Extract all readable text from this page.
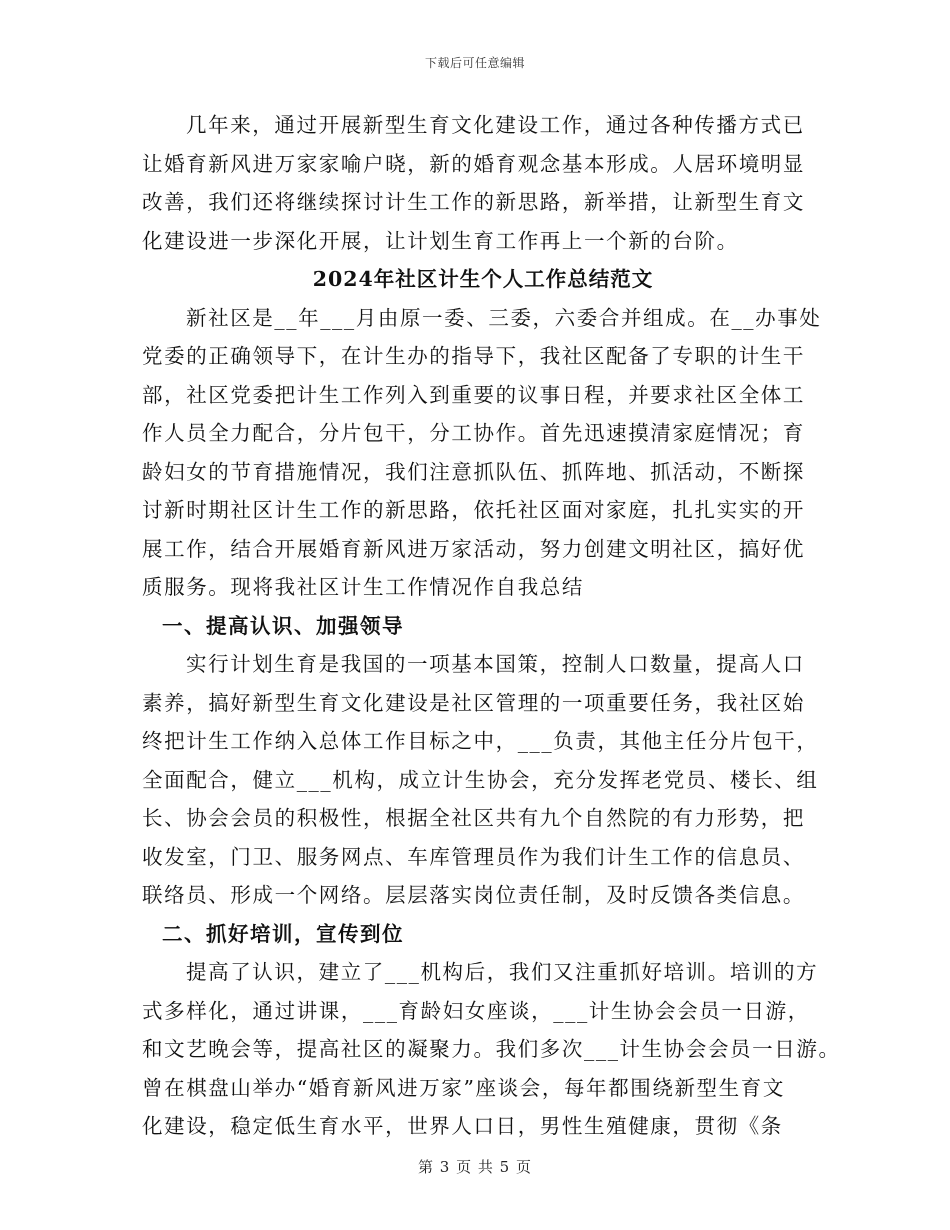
下载后可任意编辑
几年来，通过开展新型生育文化建设工作，通过各种传播方式已
让婚育新风进万家家喻户晓，新的婚育观念基本形成。人居环境明显
改善，我们还将继续探讨计生工作的新思路，新举措，让新型生育文
化建设进一步深化开展，让计划生育工作再上一个新的台阶。
2024年社区计生个人工作总结范文
新社区是__年___月由原一委、三委，六委合并组成。在__办事处
党委的正确领导下，在计生办的指导下，我社区配备了专职的计生干
部，社区党委把计生工作列入到重要的议事日程，并要求社区全体工
作人员全力配合，分片包干，分工协作。首先迅速摸清家庭情况；育
龄妇女的节育措施情况，我们注意抓队伍、抓阵地、抓活动，不断探
讨新时期社区计生工作的新思路，依托社区面对家庭，扎扎实实的开
展工作，结合开展婚育新风进万家活动，努力创建文明社区，搞好优
质服务。现将我社区计生工作情况作自我总结
一、提高认识、加强领导
实行计划生育是我国的一项基本国策，控制人口数量，提高人口
素养，搞好新型生育文化建设是社区管理的一项重要任务，我社区始
终把计生工作纳入总体工作目标之中，___负责，其他主任分片包干，
全面配合，健立___机构，成立计生协会，充分发挥老党员、楼长、组
长、协会会员的积极性，根据全社区共有九个自然院的有力形势，把
收发室，门卫、服务网点、车库管理员作为我们计生工作的信息员、
联络员、形成一个网络。层层落实岗位责任制，及时反馈各类信息。
二、抓好培训，宣传到位
提高了认识，建立了___机构后，我们又注重抓好培训。培训的方
式多样化，通过讲课，___育龄妇女座谈，___计生协会会员一日游，
和文艺晚会等，提高社区的凝聚力。我们多次___计生协会会员一日游。
曾在棋盘山举办“婚育新风进万家”座谈会，每年都围绕新型生育文
化建设，稳定低生育水平，世界人口日，男性生殖健康，贯彻《条
第 3 页 共 5 页
